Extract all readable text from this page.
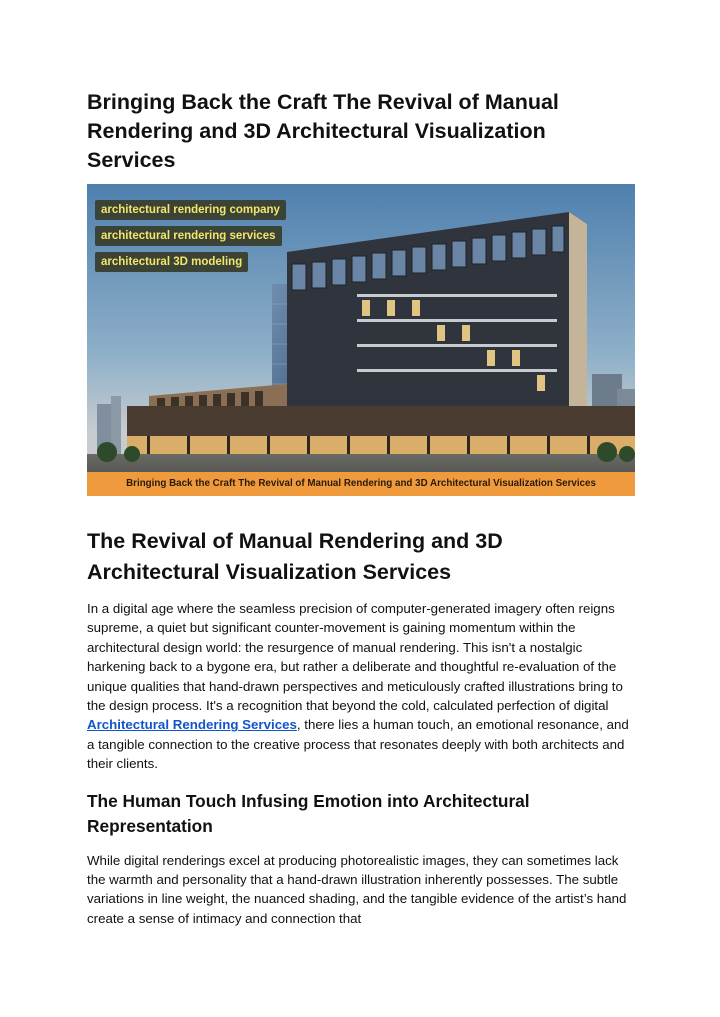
Bringing Back the Craft The Revival of Manual Rendering and 3D Architectural Visualization Services
architectural rendering company
architectural rendering services
architectural 3D modeling
Bringing Back the Craft The Revival of Manual Rendering and 3D Architectural Visualization Services
The Revival of Manual Rendering and 3D Architectural Visualization Services

In a digital age where the seamless precision of computer-generated imagery often reigns supreme, a quiet but significant counter-movement is gaining momentum within the architectural design world: the resurgence of manual rendering. This isn't a nostalgic harkening back to a bygone era, but rather a deliberate and thoughtful re-evaluation of the unique qualities that hand-drawn perspectives and meticulously crafted illustrations bring to the design process. It's a recognition that beyond the cold, calculated perfection of digital Architectural Rendering Services, there lies a human touch, an emotional resonance, and a tangible connection to the creative process that resonates deeply with both architects and their clients.

The Human Touch Infusing Emotion into Architectural Representation

While digital renderings excel at producing photorealistic images, they can sometimes lack the warmth and personality that a hand-drawn illustration inherently possesses. The subtle variations in line weight, the nuanced shading, and the tangible evidence of the artist’s hand create a sense of intimacy and connection that
